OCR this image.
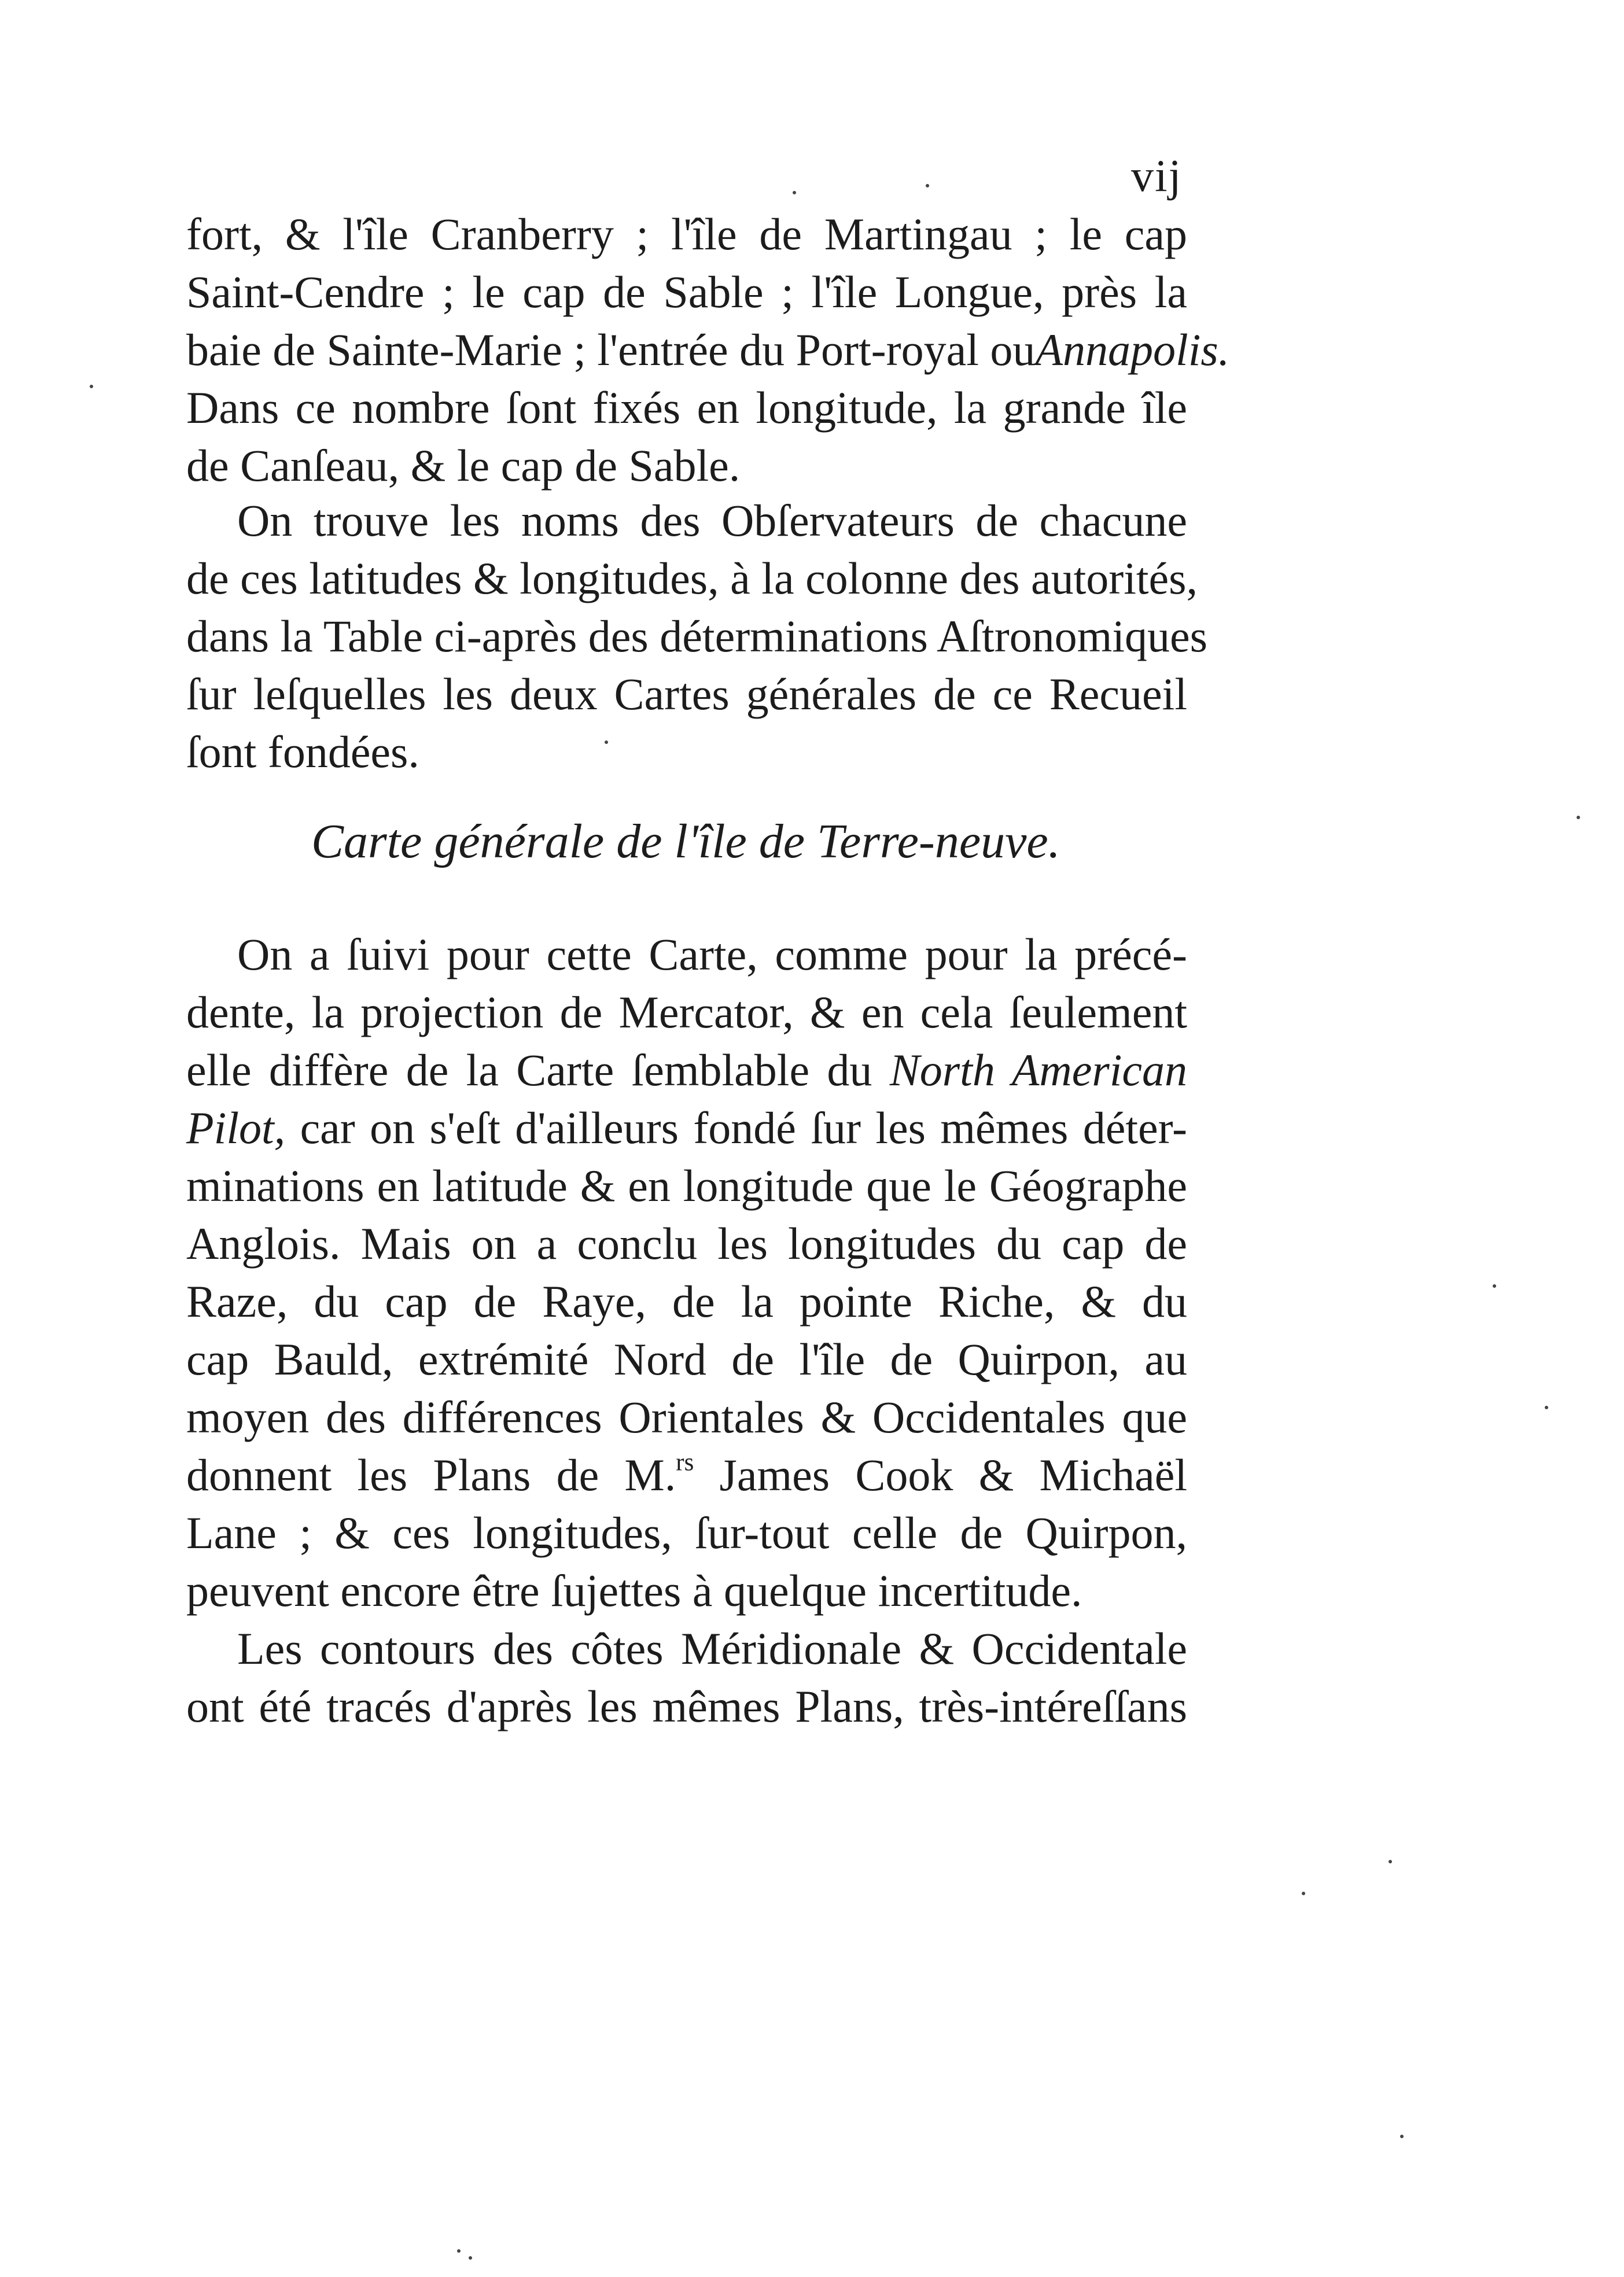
vij
fort, & l'île Cranberry ; l'île de Martingau ; le cap
Saint-Cendre ; le cap de Sable ; l'île Longue, près la
baie de Sainte-Marie ; l'entrée du Port-royal ouAnnapolis.
Dans ce nombre ſont fixés en longitude, la grande île
de Canſeau, & le cap de Sable.
On trouve les noms des Obſervateurs de chacune
de ces latitudes & longitudes, à la colonne des autorités,
dans la Table ci-après des déterminations Aſtronomiques
ſur leſquelles les deux Cartes générales de ce Recueil
ſont fondées.
Carte générale de l'île de Terre-neuve.
On a ſuivi pour cette Carte, comme pour la précé-
dente, la projection de Mercator, & en cela ſeulement
elle diffère de la Carte ſemblable du North American
Pilot, car on s'eſt d'ailleurs fondé ſur les mêmes déter-
minations en latitude & en longitude que le Géographe
Anglois. Mais on a conclu les longitudes du cap de
Raze, du cap de Raye, de la pointe Riche, & du
cap Bauld, extrémité Nord de l'île de Quirpon, au
moyen des différences Orientales & Occidentales que
donnent les Plans de M.$^{rs}$ James Cook & Michaël
Lane ; & ces longitudes, ſur-tout celle de Quirpon,
peuvent encore être ſujettes à quelque incertitude.
Les contours des côtes Méridionale & Occidentale
ont été tracés d'après les mêmes Plans, très-intéreſſans
